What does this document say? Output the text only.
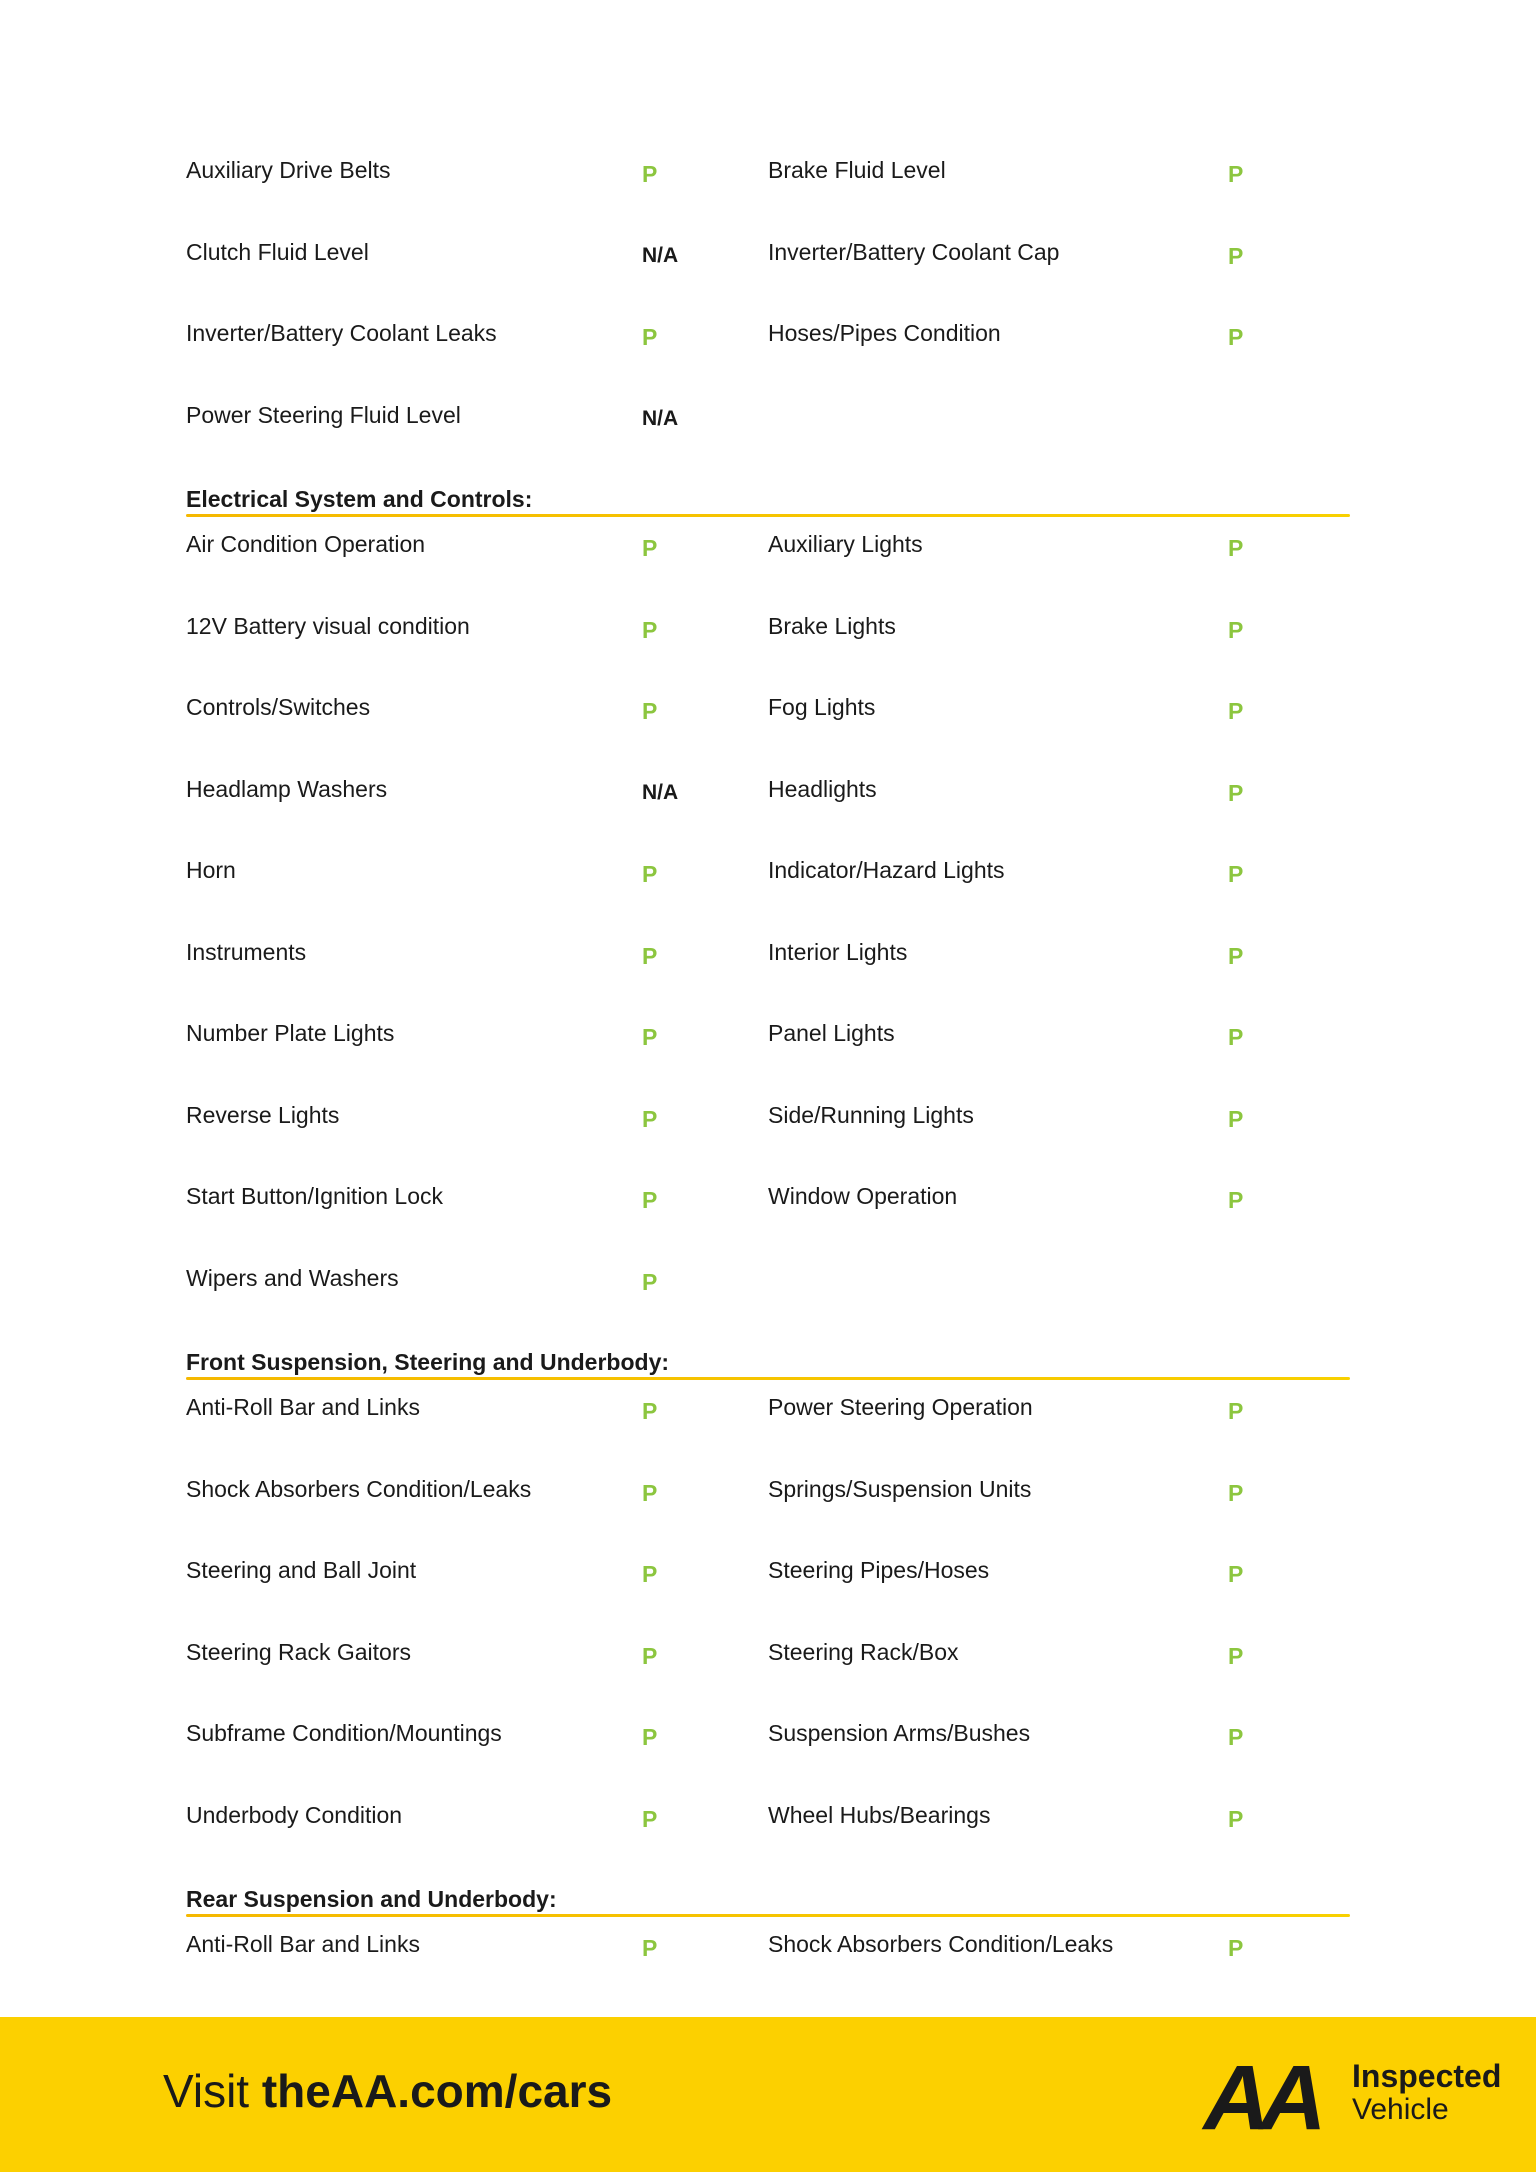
Auxiliary Drive Belts	P	Brake Fluid Level	P
Clutch Fluid Level	N/A	Inverter/Battery Coolant Cap	P
Inverter/Battery Coolant Leaks	P	Hoses/Pipes Condition	P
Power Steering Fluid Level	N/A
Electrical System and Controls:
Air Condition Operation	P	Auxiliary Lights	P
12V Battery visual condition	P	Brake Lights	P
Controls/Switches	P	Fog Lights	P
Headlamp Washers	N/A	Headlights	P
Horn	P	Indicator/Hazard Lights	P
Instruments	P	Interior Lights	P
Number Plate Lights	P	Panel Lights	P
Reverse Lights	P	Side/Running Lights	P
Start Button/Ignition Lock	P	Window Operation	P
Wipers and Washers	P
Front Suspension, Steering and Underbody:
Anti-Roll Bar and Links	P	Power Steering Operation	P
Shock Absorbers Condition/Leaks	P	Springs/Suspension Units	P
Steering and Ball Joint	P	Steering Pipes/Hoses	P
Steering Rack Gaitors	P	Steering Rack/Box	P
Subframe Condition/Mountings	P	Suspension Arms/Bushes	P
Underbody Condition	P	Wheel Hubs/Bearings	P
Rear Suspension and Underbody:
Anti-Roll Bar and Links	P	Shock Absorbers Condition/Leaks	P
Visit theAA.com/cars	AA Inspected
Vehicle
